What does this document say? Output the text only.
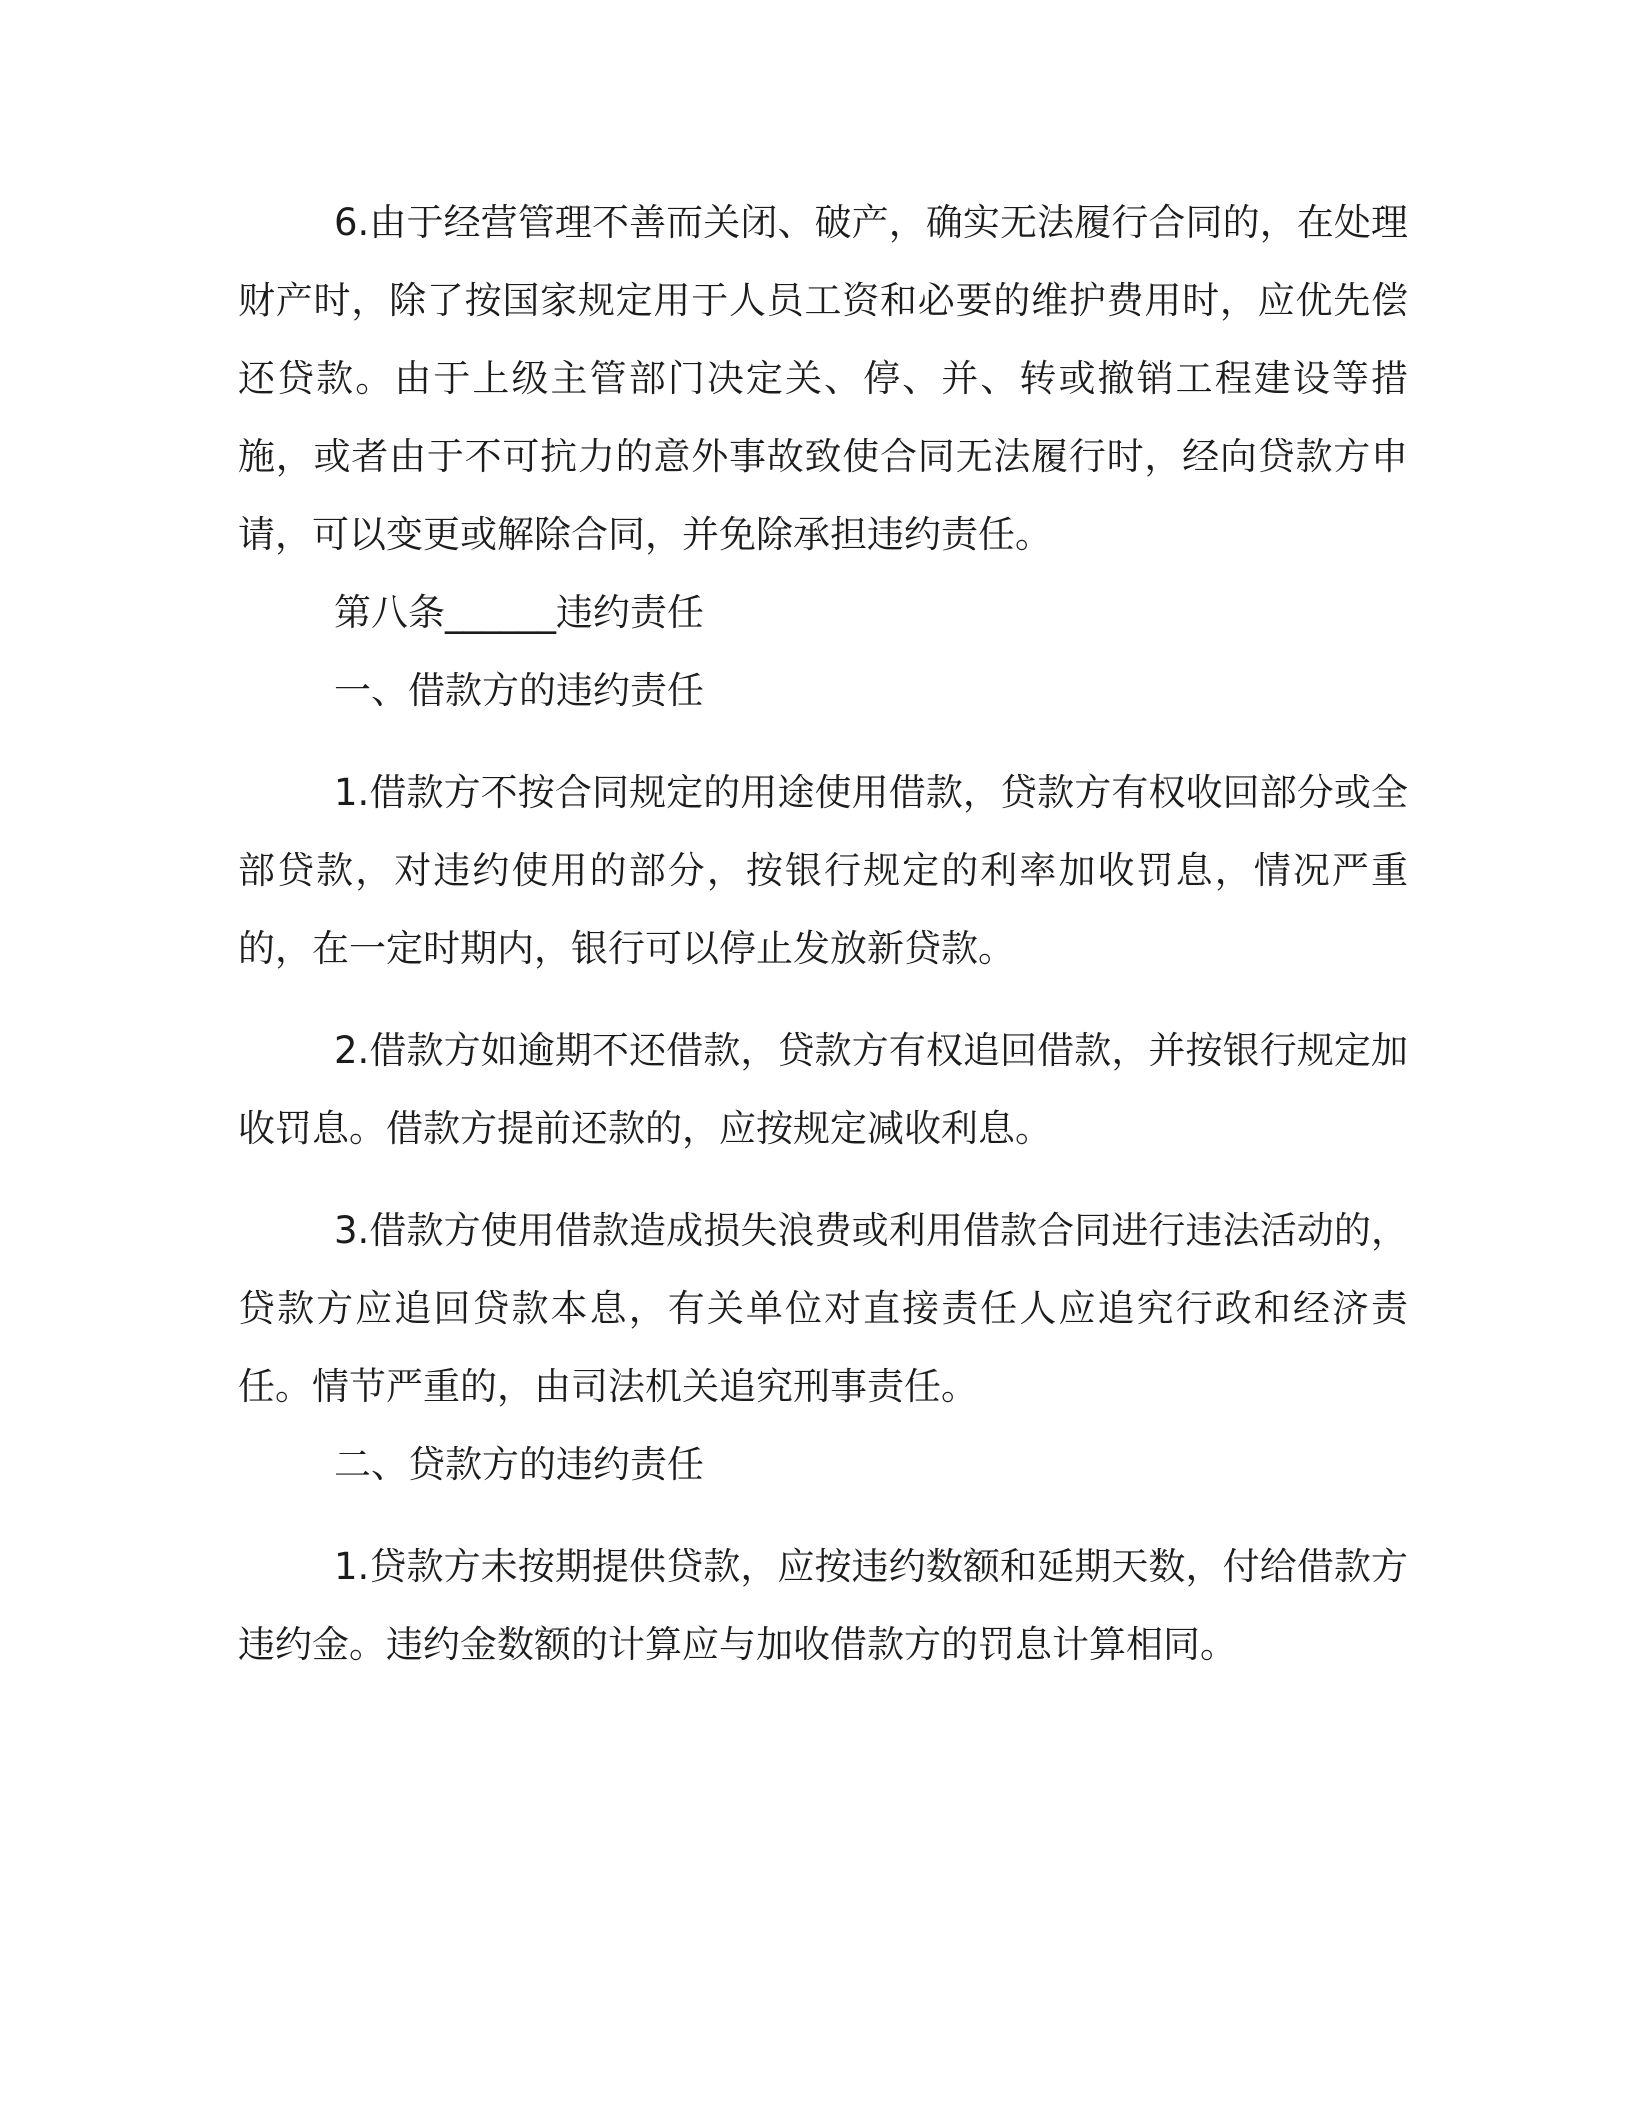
6.由于经营管理不善而关闭、破产，确实无法履行合同的，在处理财产时，除了按国家规定用于人员工资和必要的维护费用时，应优先偿还贷款。由于上级主管部门决定关、停、并、转或撤销工程建设等措施，或者由于不可抗力的意外事故致使合同无法履行时，经向贷款方申请，可以变更或解除合同，并免除承担违约责任。

第八条______违约责任

一、借款方的违约责任

1.借款方不按合同规定的用途使用借款，贷款方有权收回部分或全部贷款，对违约使用的部分，按银行规定的利率加收罚息，情况严重的，在一定时期内，银行可以停止发放新贷款。

2.借款方如逾期不还借款，贷款方有权追回借款，并按银行规定加收罚息。借款方提前还款的，应按规定减收利息。

3.借款方使用借款造成损失浪费或利用借款合同进行违法活动的，贷款方应追回贷款本息，有关单位对直接责任人应追究行政和经济责任。情节严重的，由司法机关追究刑事责任。

二、贷款方的违约责任

1.贷款方未按期提供贷款，应按违约数额和延期天数，付给借款方违约金。违约金数额的计算应与加收借款方的罚息计算相同。
